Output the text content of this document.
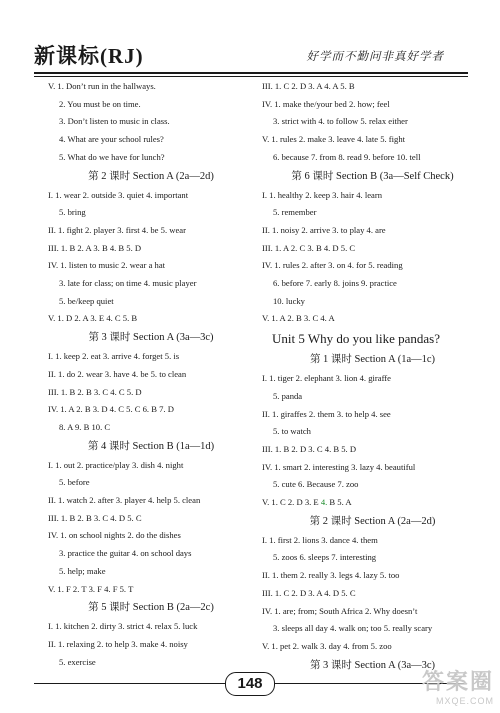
新课标(RJ)	好学而不勤问非真好学者
V. 1. Don’t run in the hallways.
2. You must be on time.
3. Don’t listen to music in class.
4. What are your school rules?
5. What do we have for lunch?
第 2 课时 Section A (2a—2d)
I. 1. wear 2. outside 3. quiet 4. important
5. bring
II. 1. fight 2. player 3. first 4. be 5. wear
III. 1. B 2. A 3. B 4. B 5. D
IV. 1. listen to music 2. wear a hat
3. late for class; on time 4. music player
5. be/keep quiet
V. 1. D 2. A 3. E 4. C 5. B
第 3 课时 Section A (3a—3c)
I. 1. keep 2. eat 3. arrive 4. forget 5. is
II. 1. do 2. wear 3. have 4. be 5. to clean
III. 1. B 2. B 3. C 4. C 5. D
IV. 1. A 2. B 3. D 4. C 5. C 6. B 7. D
8. A 9. B 10. C
第 4 课时 Section B (1a—1d)
I. 1. out 2. practice/play 3. dish 4. night
5. before
II. 1. watch 2. after 3. player 4. help 5. clean
III. 1. B 2. B 3. C 4. D 5. C
IV. 1. on school nights 2. do the dishes
3. practice the guitar 4. on school days
5. help; make
V. 1. F 2. T 3. F 4. F 5. T
第 5 课时 Section B (2a—2c)
I. 1. kitchen 2. dirty 3. strict 4. relax 5. luck
II. 1. relaxing 2. to help 3. make 4. noisy
5. exercise
III. 1. C 2. D 3. A 4. A 5. B
IV. 1. make the/your bed 2. how; feel
3. strict with 4. to follow 5. relax either
V. 1. rules 2. make 3. leave 4. late 5. fight
6. because 7. from 8. read 9. before 10. tell
第 6 课时 Section B (3a—Self Check)
I. 1. healthy 2. keep 3. hair 4. learn
5. remember
II. 1. noisy 2. arrive 3. to play 4. are
III. 1. A 2. C 3. B 4. D 5. C
IV. 1. rules 2. after 3. on 4. for 5. reading
6. before 7. early 8. joins 9. practice
10. lucky
V. 1. A 2. B 3. C 4. A
Unit 5 Why do you like pandas?
第 1 课时 Section A (1a—1c)
I. 1. tiger 2. elephant 3. lion 4. giraffe
5. panda
II. 1. giraffes 2. them 3. to help 4. see
5. to watch
III. 1. B 2. D 3. C 4. B 5. D
IV. 1. smart 2. interesting 3. lazy 4. beautiful
5. cute 6. Because 7. zoo
V. 1. C 2. D 3. E 4. B 5. A
第 2 课时 Section A (2a—2d)
I. 1. first 2. lions 3. dance 4. them
5. zoos 6. sleeps 7. interesting
II. 1. them 2. really 3. legs 4. lazy 5. too
III. 1. C 2. D 3. A 4. D 5. C
IV. 1. are; from; South Africa 2. Why doesn’t
3. sleeps all day 4. walk on; too 5. really scary
V. 1. pet 2. walk 3. day 4. from 5. zoo
第 3 课时 Section A (3a—3c)
148	答案圈
MXQE.COM
